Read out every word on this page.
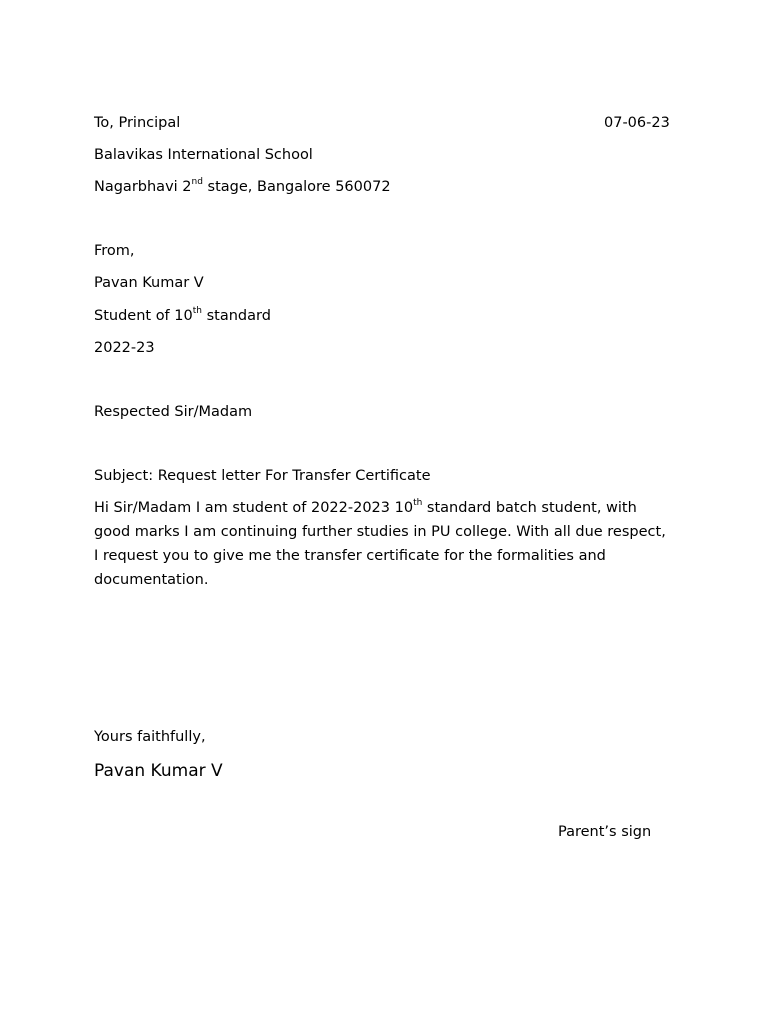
To, Principal	07-06-23
Balavikas International School
Nagarbhavi 2nd stage, Bangalore 560072
From,
Pavan Kumar V
Student of 10th standard
2022-23
Respected Sir/Madam
Subject: Request letter For Transfer Certificate
Hi Sir/Madam I am student of 2022-2023 10th standard batch student, with good marks I am continuing further studies in PU college. With all due respect, I request you to give me the transfer certificate for the formalities and documentation.
Yours faithfully,
Pavan Kumar V
Parent’s sign
